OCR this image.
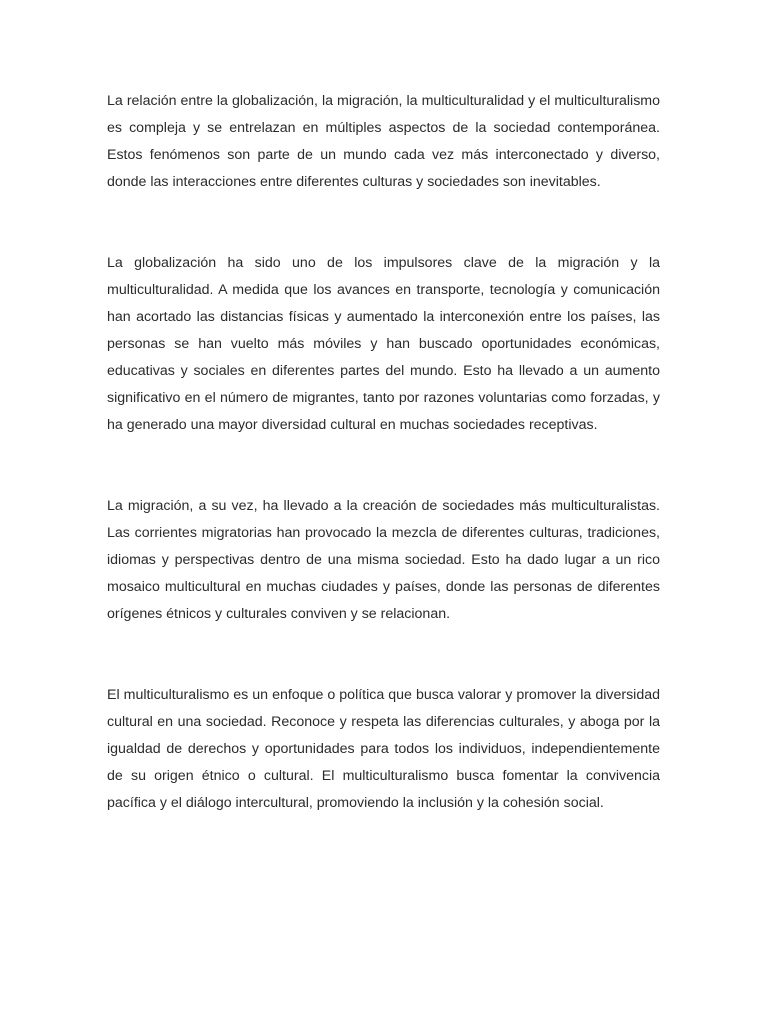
La relación entre la globalización, la migración, la multiculturalidad y el multiculturalismo es compleja y se entrelazan en múltiples aspectos de la sociedad contemporánea. Estos fenómenos son parte de un mundo cada vez más interconectado y diverso, donde las interacciones entre diferentes culturas y sociedades son inevitables.

La globalización ha sido uno de los impulsores clave de la migración y la multiculturalidad. A medida que los avances en transporte, tecnología y comunicación han acortado las distancias físicas y aumentado la interconexión entre los países, las personas se han vuelto más móviles y han buscado oportunidades económicas, educativas y sociales en diferentes partes del mundo. Esto ha llevado a un aumento significativo en el número de migrantes, tanto por razones voluntarias como forzadas, y ha generado una mayor diversidad cultural en muchas sociedades receptivas.

La migración, a su vez, ha llevado a la creación de sociedades más multiculturalistas. Las corrientes migratorias han provocado la mezcla de diferentes culturas, tradiciones, idiomas y perspectivas dentro de una misma sociedad. Esto ha dado lugar a un rico mosaico multicultural en muchas ciudades y países, donde las personas de diferentes orígenes étnicos y culturales conviven y se relacionan.

El multiculturalismo es un enfoque o política que busca valorar y promover la diversidad cultural en una sociedad. Reconoce y respeta las diferencias culturales, y aboga por la igualdad de derechos y oportunidades para todos los individuos, independientemente de su origen étnico o cultural. El multiculturalismo busca fomentar la convivencia pacífica y el diálogo intercultural, promoviendo la inclusión y la cohesión social.
